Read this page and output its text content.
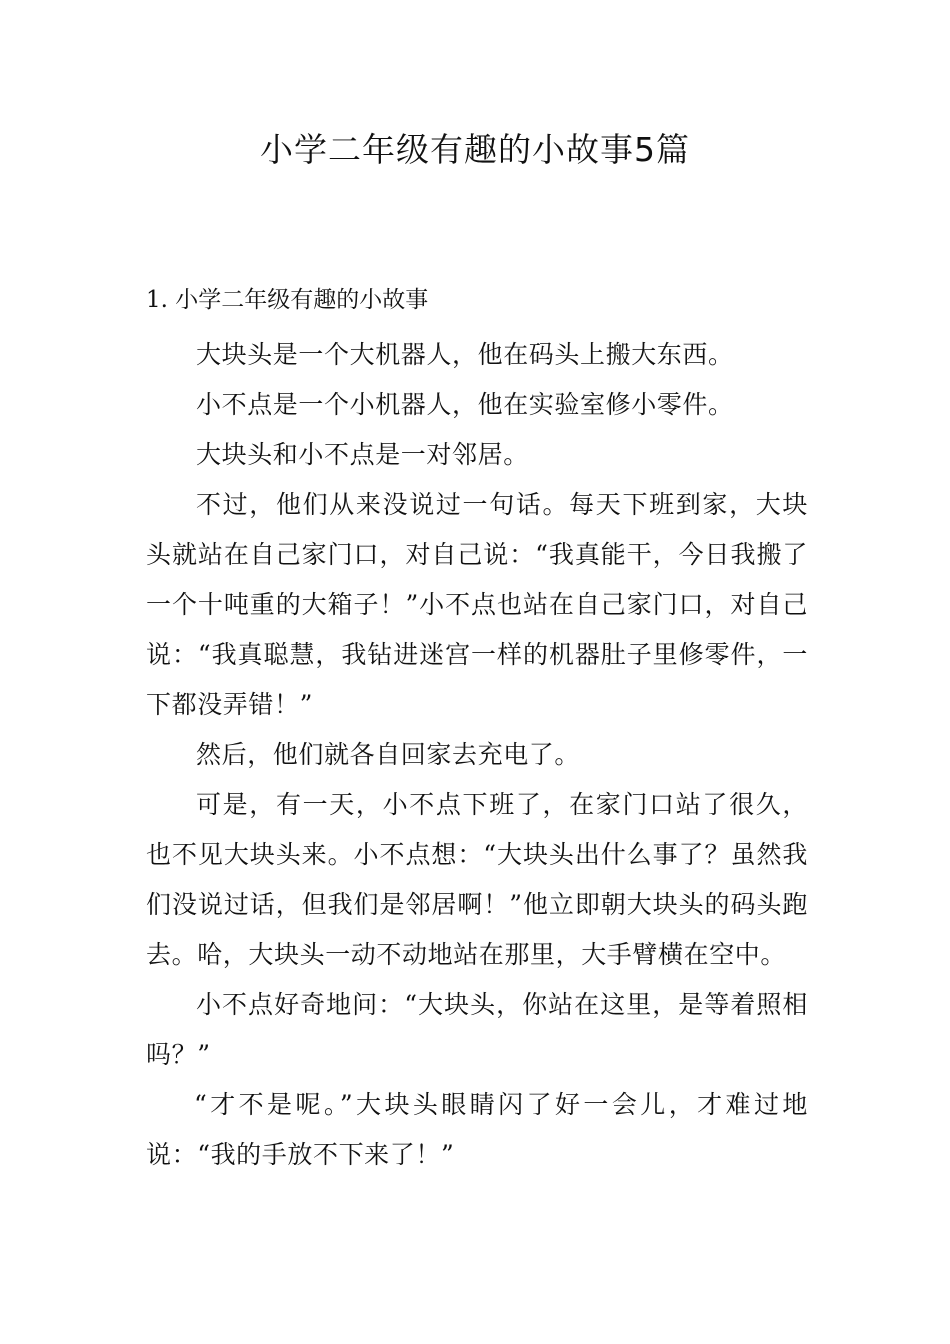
小学二年级有趣的小故事5篇
1. 小学二年级有趣的小故事

大块头是一个大机器人，他在码头上搬大东西。

小不点是一个小机器人，他在实验室修小零件。

大块头和小不点是一对邻居。

不过，他们从来没说过一句话。每天下班到家，大块头就站在自己家门口，对自己说：“我真能干，今日我搬了一个十吨重的大箱子！”小不点也站在自己家门口，对自己说：“我真聪慧，我钻进迷宫一样的机器肚子里修零件，一下都没弄错！”

然后，他们就各自回家去充电了。

可是，有一天，小不点下班了，在家门口站了很久，也不见大块头来。小不点想：“大块头出什么事了？虽然我们没说过话，但我们是邻居啊！”他立即朝大块头的码头跑去。哈，大块头一动不动地站在那里，大手臂横在空中。

小不点好奇地问：“大块头，你站在这里，是等着照相吗？”

“才不是呢。”大块头眼睛闪了好一会儿，才难过地说：“我的手放不下来了！”
